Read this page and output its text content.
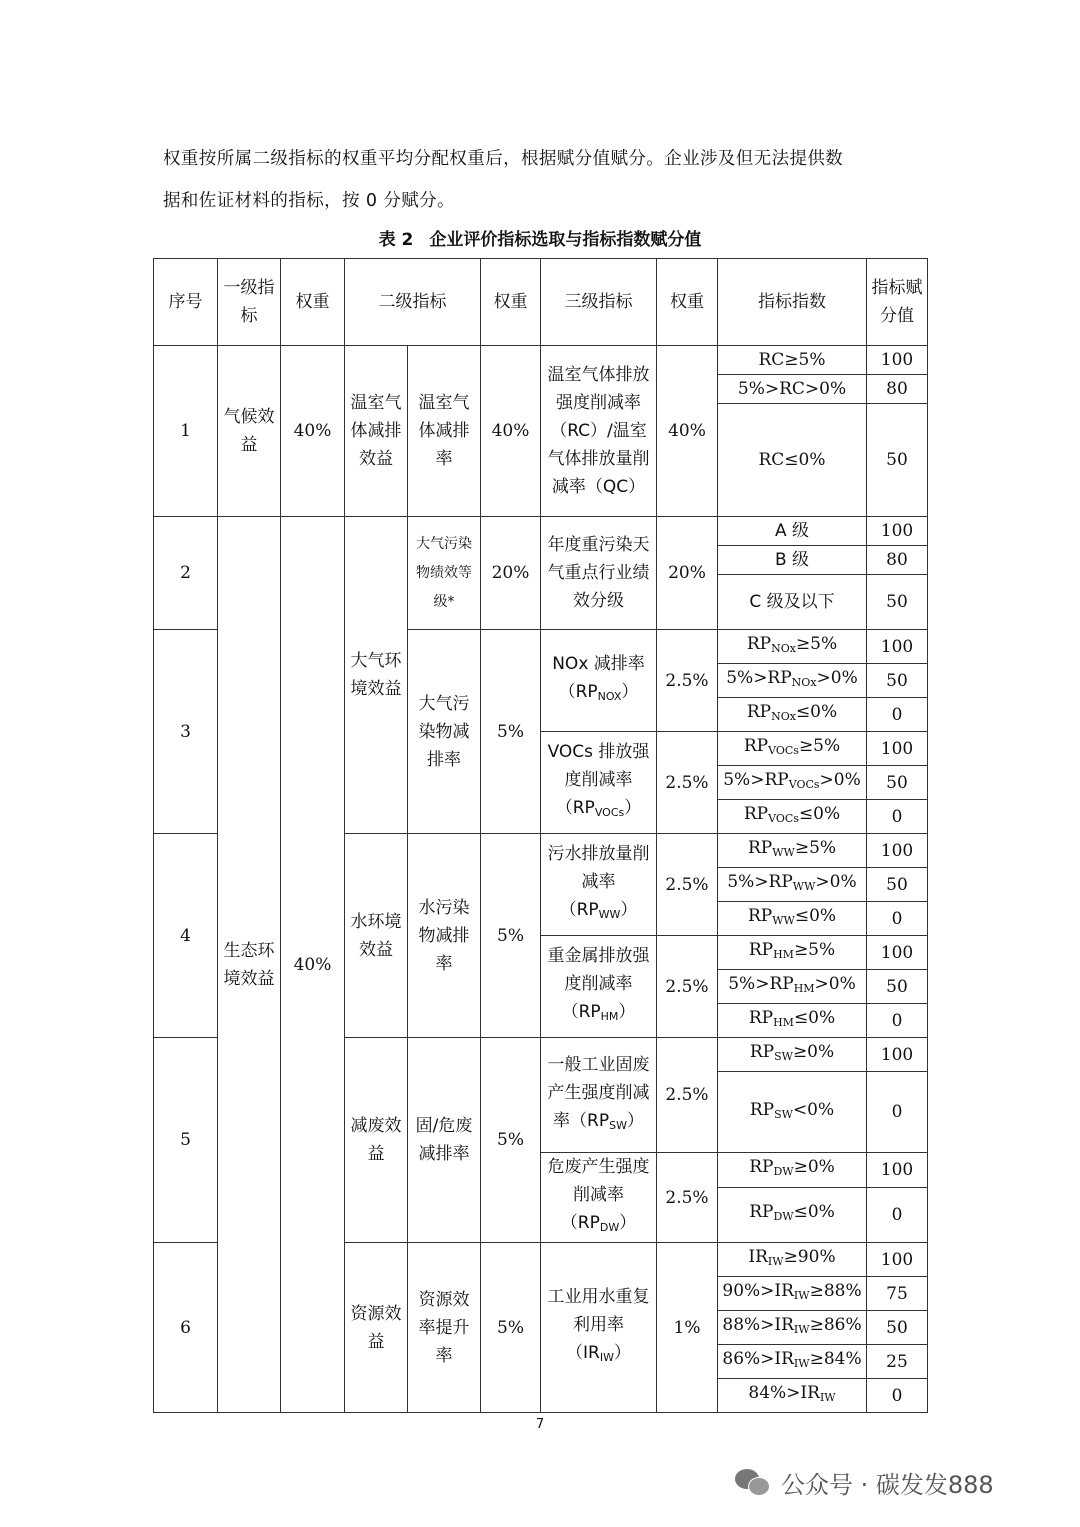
权重按所属二级指标的权重平均分配权重后，根据赋分值赋分。企业涉及但无法提供数
据和佐证材料的指标，按 0 分赋分。

表 2 企业评价指标选取与指标指数赋分值
序号	一级指标	权重	二级指标		权重	三级指标	权重	指标指数	指标赋分值
1	气候效益	40%	温室气体减排效益	温室气体减排率	40%	温室气体排放强度削减率（RC）/温室气体排放量削减率（QC）	40%	RC≥5%	100
								5%>RC>0%	80
								RC≤0%	50
2	生态环境效益	40%	大气环境效益	大气污染物绩效等级*	20%	年度重污染天气重点行业绩效分级	20%	A 级	100
								B 级	80
								C 级及以下	50
3				大气污染物减排率	5%	NOx 减排率$(RP_{NOX})$	2.5%	$RP_{NOx}\ge 5\%$	100
								$5\%>RP_{NOx}>0\%$	50
								$RP_{NOx}\le 0\%$	0
						VOCs 排放强度削减率$(RP_{VOCs})$	2.5%	$RP_{VOCs}\ge 5\%$	100
								$5\%>RP_{VOCs}>0\%$	50
								$RP_{VOCs}\le 0\%$	0
4			水环境效益	水污染物减排率	5%	污水排放量削减率$(RP_{WW})$	2.5%	$RP_{WW}\ge 5\%$	100
								$5\%>RP_{WW}>0\%$	50
								$RP_{WW}\le 0\%$	0
						重金属排放强度削减率$(RP_{HM})$	2.5%	$RP_{HM}\ge 5\%$	100
								$5\%>RP_{HM}>0\%$	50
								$RP_{HM}\le 0\%$	0
5			减废效益	固/危废减排率	5%	一般工业固废产生强度削减率$(RP_{SW})$	2.5%	$RP_{SW}\ge 0\%$	100
								$RP_{SW}<0\%$	0
						危废产生强度削减率$(RP_{DW})$	2.5%	$RP_{DW}\ge 0\%$	100
								$RP_{DW}\le 0\%$	0
6			资源效益	资源效率提升率	5%	工业用水重复利用率$(IR_{IW})$	1%	$IR_{IW}\ge 90\%$	100
								$90\%>IR_{IW}\ge 88\%$	75
								$88\%>IR_{IW}\ge 86\%$	50
								$86\%>IR_{IW}\ge 84\%$	25
								$84\%>IR_{IW}$	0
7
公众号 · 碳发发888
